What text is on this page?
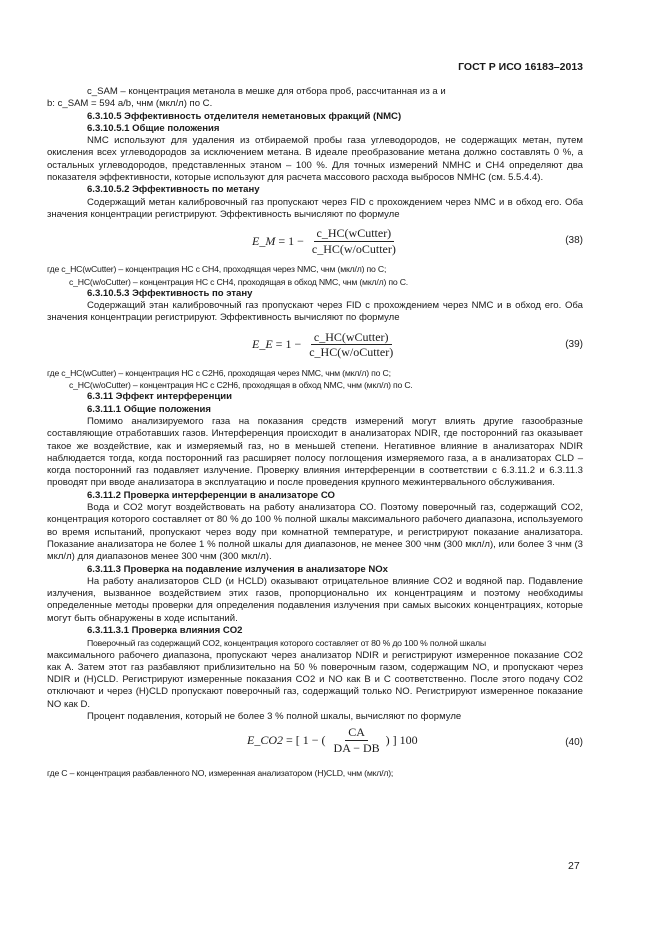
ГОСТ Р ИСО 16183–2013

c_SAM – концентрация метанола в мешке для отбора проб, рассчитанная из a и

b: c_SAM = 594 a/b, чнм (мкл/л) по С.

6.3.10.5 Эффективность отделителя неметановых фракций (NMC)

6.3.10.5.1 Общие положения

NMC используют для удаления из отбираемой пробы газа углеводородов, не содержащих метан, путем окисления всех углеводородов за исключением метана. В идеале преобразование метана должно составлять 0 %, а остальных углеводородов, представленных этаном – 100 %. Для точных измерений NMHC и CH4 определяют два показателя эффективности, которые используют для расчета массового расхода выбросов NMHC (см. 5.5.4.4).

6.3.10.5.2 Эффективность по метану

Содержащий метан калибровочный газ пропускают через FID с прохождением через NMC и в обход его. Оба значения концентрации регистрируют. Эффективность вычисляют по формуле

E_M = $1 - \frac{\text{c\_HC(wCutter)}}{\text{c\_HC(w/oCutter)}}$	(38)

где c_HC(wCutter) – концентрация НС с CH4, проходящая через NMC, чнм (мкл/л) по С;

c_HC(w/oCutter) – концентрация НС с CH4, проходящая в обход NMC, чнм (мкл/л) по С.

6.3.10.5.3 Эффективность по этану

Содержащий этан калибровочный газ пропускают через FID с прохождением через NMC и в обход его. Оба значения концентрации регистрируют. Эффективность вычисляют по формуле

E_E = $1 - \frac{\text{c\_HC(wCutter)}}{\text{c\_HC(w/oCutter)}}$	(39)

где c_HC(wCutter) – концентрация НС с C2H6, проходящая через NMC, чнм (мкл/л) по С;

c_HC(w/oCutter) – концентрация НС с C2H6, проходящая в обход NMC, чнм (мкл/л) по С.

6.3.11 Эффект интерференции

6.3.11.1 Общие положения

Помимо анализируемого газа на показания средств измерений могут влиять другие газообразные составляющие отработавших газов. Интерференция происходит в анализаторах NDIR, где посторонний газ оказывает такое же воздействие, как и измеряемый газ, но в меньшей степени. Негативное влияние в анализаторах NDIR наблюдается тогда, когда посторонний газ расширяет полосу поглощения измеряемого газа, а в анализаторах CLD – когда посторонний газ подавляет излучение. Проверку влияния интерференции в соответствии с 6.3.11.2 и 6.3.11.3 проводят при вводе анализатора в эксплуатацию и после проведения крупного межинтервального обслуживания.

6.3.11.2 Проверка интерференции в анализаторе СО

Вода и CO2 могут воздействовать на работу анализатора СО. Поэтому поверочный газ, содержащий CO2, концентрация которого составляет от 80 % до 100 % полной шкалы максимального рабочего диапазона, используемого во время испытаний, пропускают через воду при комнатной температуре, и регистрируют показание анализатора. Показание анализатора не более 1 % полной шкалы для диапазонов, не менее 300 чнм (300 мкл/л), или более 3 чнм (3 мкл/л) для диапазонов менее 300 чнм (300 мкл/л).

6.3.11.3 Проверка на подавление излучения в анализаторе NOx

На работу анализаторов CLD (и HCLD) оказывают отрицательное влияние CO2 и водяной пар. Подавление излучения, вызванное воздействием этих газов, пропорционально их концентрациям и поэтому необходимы определенные методы проверки для определения подавления излучения при самых высоких концентрациях, которые могут быть обнаружены в ходе испытаний.

6.3.11.3.1 Проверка влияния CO2

Поверочный газ содержащий CO2, концентрация которого составляет от 80 % до 100 % полной шкалы

максимального рабочего диапазона, пропускают через анализатор NDIR и регистрируют измеренное показание CO2 как A. Затем этот газ разбавляют приблизительно на 50 % поверочным газом, содержащим NO, и пропускают через NDIR и (H)CLD. Регистрируют измеренные показания CO2 и NO как B и C соответственно. После этого подачу CO2 отключают и через (H)CLD пропускают поверочный газ, содержащий только NO. Регистрируют измеренное показание NO как D.

Процент подавления, который не более 3 % полной шкалы, вычисляют по формуле

E_CO2 = [ 1 − ( $\frac{CA}{DA - DB}$ ) ] 100	(40)

где C – концентрация разбавленного NO, измеренная анализатором (H)CLD, чнм (мкл/л);

27
